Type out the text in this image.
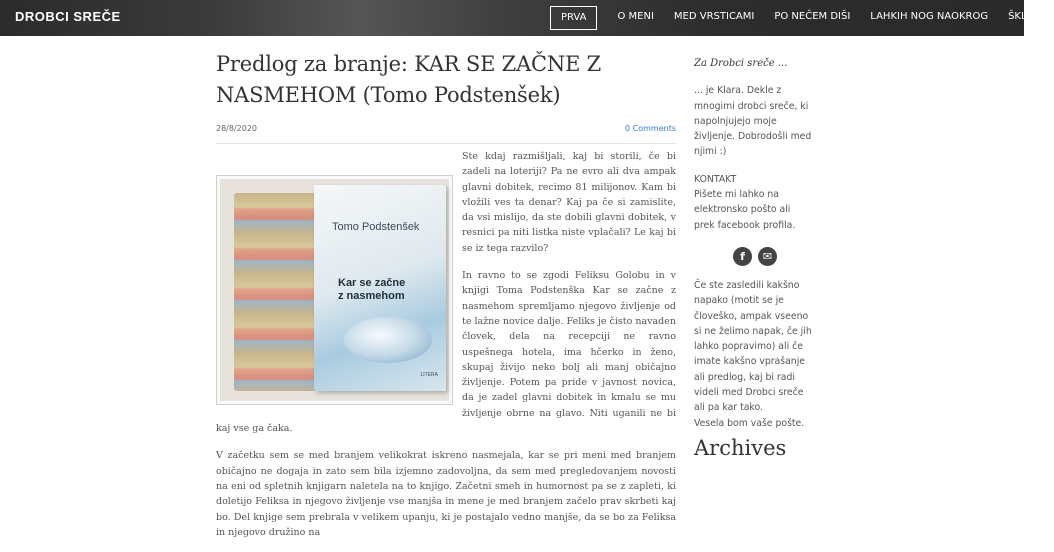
DROBCI SREČE	PRVA	O MENI	MED VRSTICAMI	PO NEČEM DIŠI	LAHKIH NOG NAOKROG	ŠKLJOC
Predlog za branje: KAR SE ZAČNE Z NASMEHOM (Tomo Podstenšek)
28/8/2020	0 Comments
Tomo Podstenšek
Kar se začne
z nasmehom
LITERA

Ste kdaj razmišljali, kaj bi storili, če bi zadeli na loteriji? Pa ne evro ali dva ampak glavni dobitek, recimo 81 milijonov. Kam bi vložili ves ta denar? Kaj pa če si zamislite, da vsi mislijo, da ste dobili glavni dobitek, v resnici pa niti listka niste vplačali? Le kaj bi se iz tega razvilo?

In ravno to se zgodi Feliksu Golobu in v knjigi Toma Podstenška Kar se začne z nasmehom spremljamo njegovo življenje od te lažne novice dalje. Feliks je čisto navaden človek, dela na recepciji ne ravno uspešnega hotela, ima hčerko in ženo, skupaj živijo neko bolj ali manj običajno življenje. Potem pa pride v javnost novica, da je zadel glavni dobitek in kmalu se mu življenje obrne na glavo. Niti uganili ne bi kaj vse ga čaka.

V začetku sem se med branjem velikokrat iskreno nasmejala, kar se pri meni med branjem običajno ne dogaja in zato sem bila izjemno zadovoljna, da sem med pregledovanjem novosti na eni od spletnih knjigarn naletela na to knjigo. Začetni smeh in humornost pa se z zapleti, ki doletijo Feliksa in njegovo življenje vse manjša in mene je med branjem začelo prav skrbeti kaj bo. Del knjige sem prebrala v velikem upanju, ki je postajalo vedno manjše, da se bo za Feliksa in njegovo družino na

Za Drobci sreče ...

... je Klara. Dekle z mnogimi drobci sreče, ki napolnjujejo moje življenje. Dobrodošli med njimi :)

KONTAKT

Pišete mi lahko na elektronsko pošto ali prek facebook profila.
f	✉

Če ste zasledili kakšno napako (motit se je človeško, ampak vseeno si ne želimo napak, če jih lahko popravimo) ali če imate kakšno vprašanje ali predlog, kaj bi radi videli med Drobci sreče ali pa kar tako.

Vesela bom vaše pošte.
Archives
